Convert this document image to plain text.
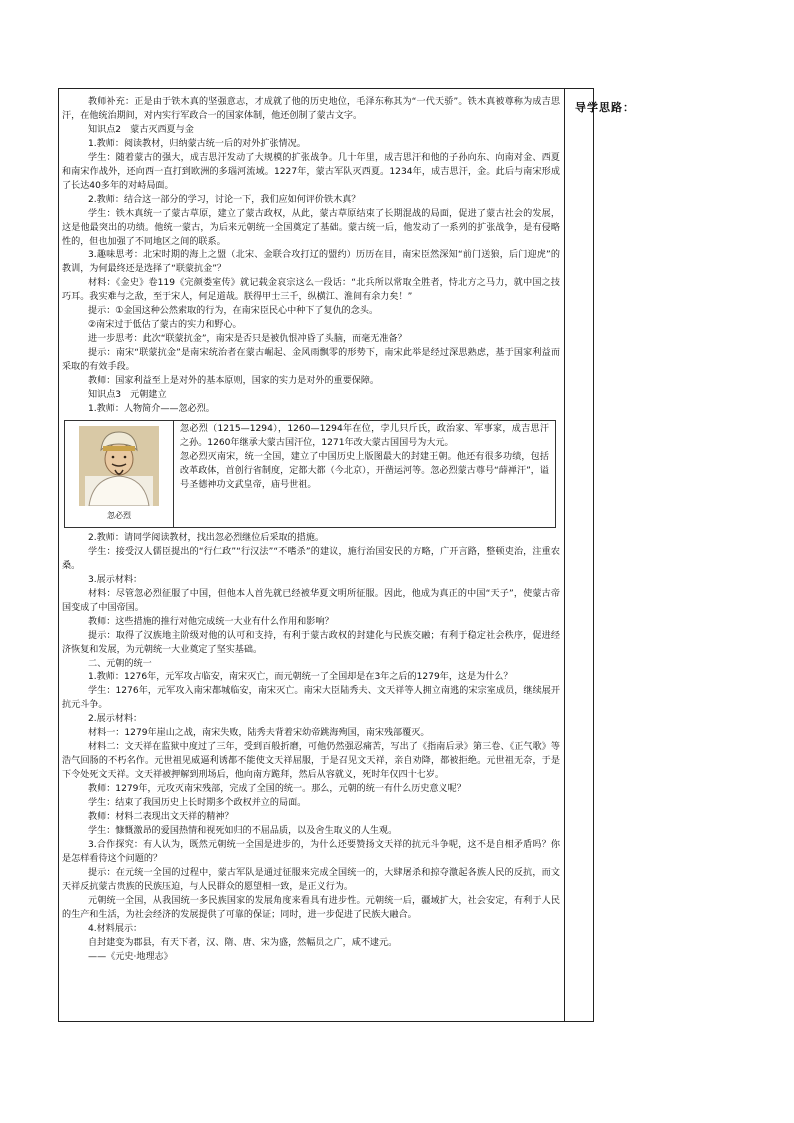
导学思路：

教师补充：正是由于铁木真的坚强意志，才成就了他的历史地位，毛泽东称其为“一代天骄”。铁木真被尊称为成吉思汗，在他统治期间，对内实行军政合一的国家体制，他还创制了蒙古文字。

知识点2　蒙古灭西夏与金

1.教师：阅读教材，归纳蒙古统一后的对外扩张情况。

学生：随着蒙古的强大，成吉思汗发动了大规模的扩张战争。几十年里，成吉思汗和他的子孙向东、向南对金、西夏和南宋作战外，还向西一直打到欧洲的多瑙河流域。1227年，蒙古军队灭西夏。1234年，成吉思汗，金。此后与南宋形成了长达40多年的对峙局面。

2.教师：结合这一部分的学习，讨论一下，我们应如何评价铁木真？

学生：铁木真统一了蒙古草原，建立了蒙古政权，从此，蒙古草原结束了长期混战的局面，促进了蒙古社会的发展，这是他最突出的功绩。他统一蒙古，为后来元朝统一全国奠定了基础。蒙古统一后，他发动了一系列的扩张战争，是有侵略性的，但也加强了不同地区之间的联系。

3.趣味思考：北宋时期的海上之盟（北宋、金联合攻打辽的盟约）历历在目，南宋臣然深知“前门送狼，后门迎虎”的教训，为何最终还是选择了“联蒙抗金”？

材料：《金史》卷119《完颜娄室传》就记载金哀宗这么一段话：“北兵所以常取全胜者，恃北方之马力，就中国之技巧耳。我实难与之敌，至于宋人，何足道哉。朕得甲士三千，纵横江、淮间有余力矣！”

提示：①金国这种公然索取的行为，在南宋臣民心中种下了复仇的念头。

②南宋过于低估了蒙古的实力和野心。

进一步思考：此次“联蒙抗金”，南宋是否只是被仇恨冲昏了头脑，而毫无准备？

提示：南宋“联蒙抗金”是南宋统治者在蒙古崛起、金风雨飘零的形势下，南宋此举是经过深思熟虑，基于国家利益而采取的有效手段。

教师：国家利益至上是对外的基本原则，国家的实力是对外的重要保障。

知识点3　元朝建立

1.教师：人物简介——忽必烈。

忽必烈

忽必烈（1215—1294），1260—1294年在位，孛儿只斤氏，政治家、军事家，成吉思汗之孙。1260年继承大蒙古国汗位，1271年改大蒙古国国号为大元。

忽必烈灭南宋，统一全国，建立了中国历史上版图最大的封建王朝。他还有很多功绩，包括改革政体，首创行省制度，定都大都（今北京），开凿运河等。忽必烈蒙古尊号“薛禅汗”，谥号圣德神功文武皇帝，庙号世祖。

2.教师：请同学阅读教材，找出忽必烈继位后采取的措施。

学生：接受汉人儒臣提出的“行仁政”“行汉法”“不嗜杀”的建议，施行治国安民的方略，广开言路，整顿吏治，注重农桑。

3.展示材料：

材料：尽管忽必烈征服了中国，但他本人首先就已经被华夏文明所征服。因此，他成为真正的中国“天子”，使蒙古帝国变成了中国帝国。

教师：这些措施的推行对他完成统一大业有什么作用和影响？

提示：取得了汉族地主阶级对他的认可和支持，有利于蒙古政权的封建化与民族交融；有利于稳定社会秩序，促进经济恢复和发展，为元朝统一大业奠定了坚实基础。

二、元朝的统一

1.教师：1276年，元军攻占临安，南宋灭亡，而元朝统一了全国却是在3年之后的1279年，这是为什么？

学生：1276年，元军攻入南宋都城临安，南宋灭亡。南宋大臣陆秀夫、文天祥等人拥立南逃的宋宗室成员，继续展开抗元斗争。

2.展示材料：

材料一：1279年崖山之战，南宋失败，陆秀夫背着宋幼帝跳海殉国，南宋残部覆灭。

材料二：文天祥在监狱中度过了三年，受到百般折磨，可他仍然强忍痛苦，写出了《指南后录》第三卷、《正气歌》等浩气回肠的不朽名作。元世祖见威逼利诱都不能使文天祥屈服，于是召见文天祥，亲自劝降，都被拒绝。元世祖无奈，于是下令处死文天祥。文天祥被押解到刑场后，他向南方跪拜，然后从容就义，死时年仅四十七岁。

教师：1279年，元攻灭南宋残部，完成了全国的统一。那么，元朝的统一有什么历史意义呢？

学生：结束了我国历史上长时期多个政权并立的局面。

教师：材料二表现出文天祥的精神？

学生：慷慨激昂的爱国热情和视死如归的不屈品质，以及舍生取义的人生观。

3.合作探究：有人认为，既然元朝统一全国是进步的，为什么还要赞扬文天祥的抗元斗争呢，这不是自相矛盾吗？你是怎样看待这个问题的？

提示：在元统一全国的过程中，蒙古军队是通过征服来完成全国统一的，大肆屠杀和掠夺激起各族人民的反抗，而文天祥反抗蒙古贵族的民族压迫，与人民群众的愿望相一致，是正义行为。

元朝统一全国，从我国统一多民族国家的发展角度来看具有进步性。元朝统一后，疆域扩大，社会安定，有利于人民的生产和生活，为社会经济的发展提供了可靠的保证；同时，进一步促进了民族大融合。

4.材料展示：

自封建变为郡县，有天下者，汉、隋、唐、宋为盛，然幅员之广，咸不逮元。

——《元史·地理志》
